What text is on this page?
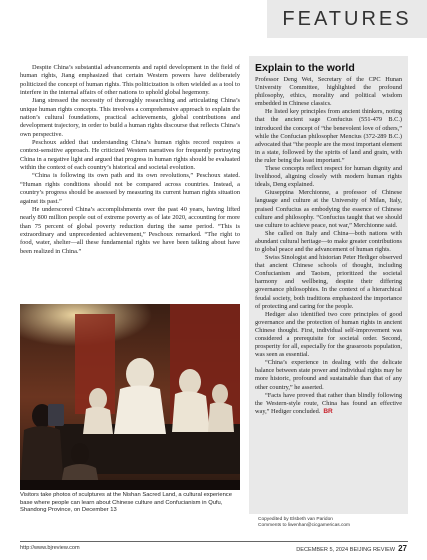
FEATURES

Despite China’s substantial advancements and rapid development in the field of human rights, Jiang emphasized that certain Western powers have deliberately politicized the concept of human rights. This politicization is often wielded as a tool to interfere in the internal affairs of other nations to uphold global hegemony.

Jiang stressed the necessity of thoroughly researching and articulating China’s unique human rights concepts. This involves a comprehensive approach to explain the nation’s cultural foundations, practical achievements, global contributions and development trajectory, in order to build a human rights discourse that reflects China’s own perspective.

Peschoux added that understanding China’s human rights record requires a context-sensitive approach. He criticized Western narratives for frequently portraying China in a negative light and argued that progress in human rights should be evaluated within the context of each country’s historical and societal evolution.

“China is following its own path and its own revolutions,” Peschoux stated. “Human rights conditions should not be compared across countries. Instead, a country’s progress should be assessed by measuring its current human rights situation against its past.”

He underscored China’s accomplishments over the past 40 years, having lifted nearly 800 million people out of extreme poverty as of late 2020, accounting for more than 75 percent of global poverty reduction during the same period. “This is extraordinary and unprecedented achievement,” Peschoux remarked. “The right to food, water, shelter—all these fundamental rights we have been talking about have been realized in China.”

Visitors take photos of sculptures at the Nishan Sacred Land, a cultural experience base where people can learn about Chinese culture and Confucianism in Qufu, Shandong Province, on December 13
Explain to the world

Professor Deng Wei, Secretary of the CPC Hunan University Committee, highlighted the profound philosophy, ethics, morality and political wisdom embedded in Chinese classics.

He listed key principles from ancient thinkers, noting that the ancient sage Confucius (551-479 B.C.) introduced the concept of “the benevolent love of others,” while the Confucian philosopher Mencius (372-289 B.C.) advocated that “the people are the most important element in a state, followed by the spirits of land and grain, with the ruler being the least important.”

These concepts reflect respect for human dignity and livelihood, aligning closely with modern human rights ideals, Deng explained.

Giuseppina Merchionne, a professor of Chinese language and culture at the University of Milan, Italy, praised Confucius as embodying the essence of Chinese culture and philosophy. “Confucius taught that we should use culture to achieve peace, not war,” Merchionne said.

She called on Italy and China—both nations with abundant cultural heritage—to make greater contributions to global peace and the advancement of human rights.

Swiss Sinologist and historian Peter Hediger observed that ancient Chinese schools of thought, including Confucianism and Taoism, prioritized the societal harmony and wellbeing, despite their differing governance philosophies. In the context of a hierarchical feudal society, both traditions emphasized the importance of protecting and caring for the people.

Hediger also identified two core principles of good governance and the protection of human rights in ancient Chinese thought. First, individual self-improvement was considered a prerequisite for societal order. Second, prosperity for all, especially for the grassroots population, was seen as essential.

“China’s experience in dealing with the delicate balance between state power and individual rights may be more historic, profound and sustainable than that of any other country,” he asserted.

“Facts have proved that rather than blindly following the Western-style route, China has found an effective way,” Hediger concluded. BR

Copyedited by Elsbeth van Paridon
Comments to liwenhan@cicgamericas.com
http://www.bjreview.com	DECEMBER 5, 2024 BEIJING REVIEW 27
